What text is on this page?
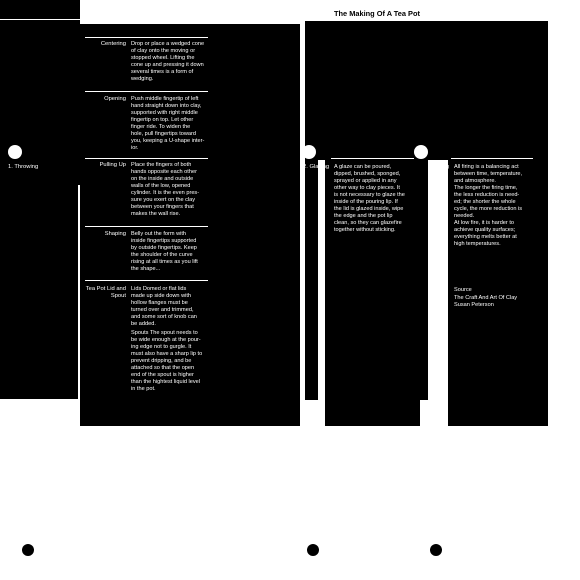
The Making Of A Tea Pot
1. Throwing	2. Glazing	3. Firing
Centering Drop or place a wedged cone
of clay onto the moving or
stopped wheel. Lifting the
cone up and pressing it down
several times is a form of
wedging.
Opening Push middle fingertip of left
hand straight down into clay,
supported with right middle
fingertip on top. Let other
finger ride. To widen the
hole, pull fingertips toward
you, keeping a U-shape inter-
ior.
Pulling Up Place the fingers of both
hands opposite each other
on the inside and outside
walls of the low, opened
cylinder. It is the even pres-
sure you exert on the clay
between your fingers that
makes the wall rise.
Shaping Belly out the form with
inside fingertips supported
by outside fingertips. Keep
the shoulder of the curve
rising at all times as you lift
the shape...
Tea Pot Lid and
Spout
Lids Domed or flat lids
made up side down with
hollow flanges must be
turned over and trimmed,
and some sort of knob can
be added.
Spouts The spout needs to
be wide enough at the pour-
ing edge not to gurgle. It
must also have a sharp lip to
prevent dripping, and be
attached so that the open
end of the spout is higher
than the hightest liquid level
in the pot.
A glaze can be poured,
dipped, brushed, sponged,
sprayed or applied in any
other way to clay pieces. It
is not necessary to glaze the
inside of the pouring lip. If
the lid is glazed inside, wipe
the edge and the pot lip
clean, so they can glazefire
together without sticking.
All firing is a balancing act
between time, temperature,
and atmosphere.
The longer the firing time,
the less reduction is need-
ed; the shorter the whole
cycle, the more reduction is
needed.
At low fire, it is harder to
achieve quality surfaces;
everything melts better at
high temperatures.
Source
The Craft And Art Of Clay
Susan Peterson
